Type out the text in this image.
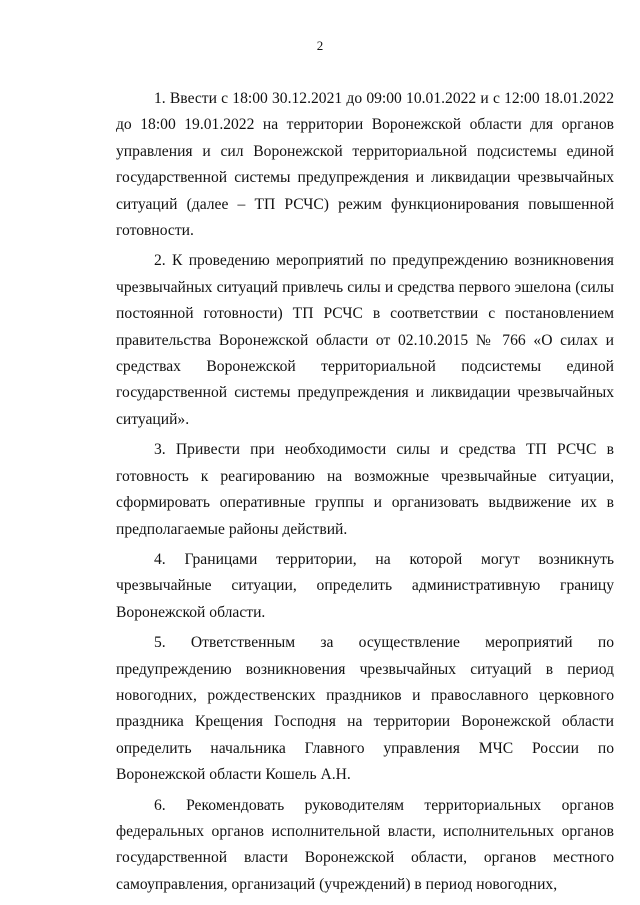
2

1. Ввести с 18:00 30.12.2021 до 09:00 10.01.2022 и с 12:00 18.01.2022 до 18:00 19.01.2022 на территории Воронежской области для органов управления и сил Воронежской территориальной подсистемы единой государственной системы предупреждения и ликвидации чрезвычайных ситуаций (далее – ТП РСЧС) режим функционирования повышенной готовности.

2. К проведению мероприятий по предупреждению возникновения чрезвычайных ситуаций привлечь силы и средства первого эшелона (силы постоянной готовности) ТП РСЧС в соответствии с постановлением правительства Воронежской области от 02.10.2015 № 766 «О силах и средствах Воронежской территориальной подсистемы единой государственной системы предупреждения и ликвидации чрезвычайных ситуаций».

3. Привести при необходимости силы и средства ТП РСЧС в готовность к реагированию на возможные чрезвычайные ситуации, сформировать оперативные группы и организовать выдвижение их в предполагаемые районы действий.

4. Границами территории, на которой могут возникнуть чрезвычайные ситуации, определить административную границу Воронежской области.

5. Ответственным за осуществление мероприятий по предупреждению возникновения чрезвычайных ситуаций в период новогодних, рождественских праздников и православного церковного праздника Крещения Господня на территории Воронежской области определить начальника Главного управления МЧС России по Воронежской области Кошель А.Н.

6. Рекомендовать руководителям территориальных органов федеральных органов исполнительной власти, исполнительных органов государственной власти Воронежской области, органов местного самоуправления, организаций (учреждений) в период новогодних,
